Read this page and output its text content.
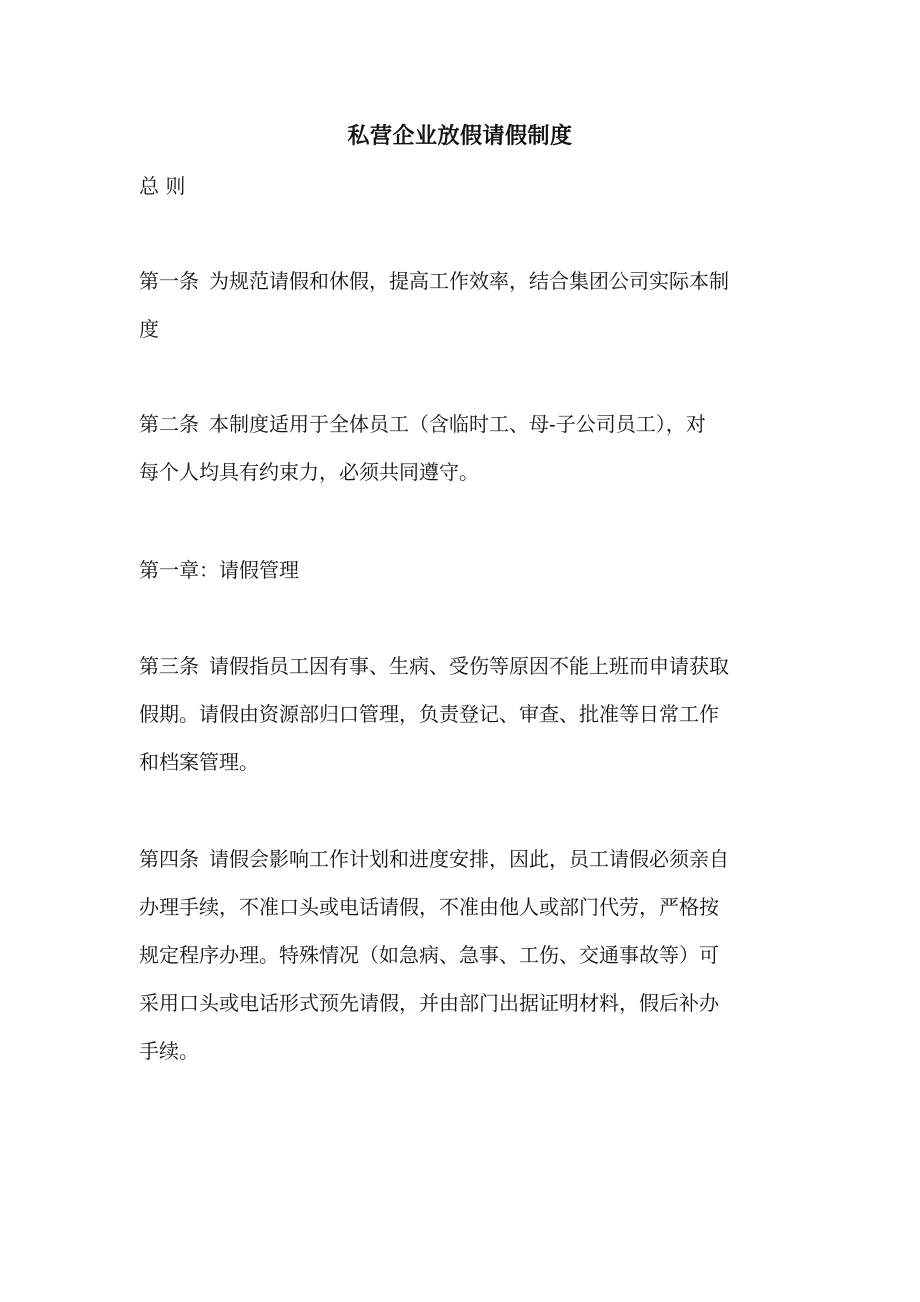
私营企业放假请假制度

总 则

第一条 为规范请假和休假，提高工作效率，结合集团公司实际本制

度

第二条 本制度适用于全体员工（含临时工、母-子公司员工），对

每个人均具有约束力，必须共同遵守。

第一章：请假管理

第三条 请假指员工因有事、生病、受伤等原因不能上班而申请获取

假期。请假由资源部归口管理，负责登记、审查、批准等日常工作

和档案管理。

第四条 请假会影响工作计划和进度安排，因此，员工请假必须亲自

办理手续，不准口头或电话请假，不准由他人或部门代劳，严格按

规定程序办理。特殊情况（如急病、急事、工伤、交通事故等）可

采用口头或电话形式预先请假，并由部门出据证明材料，假后补办

手续。
